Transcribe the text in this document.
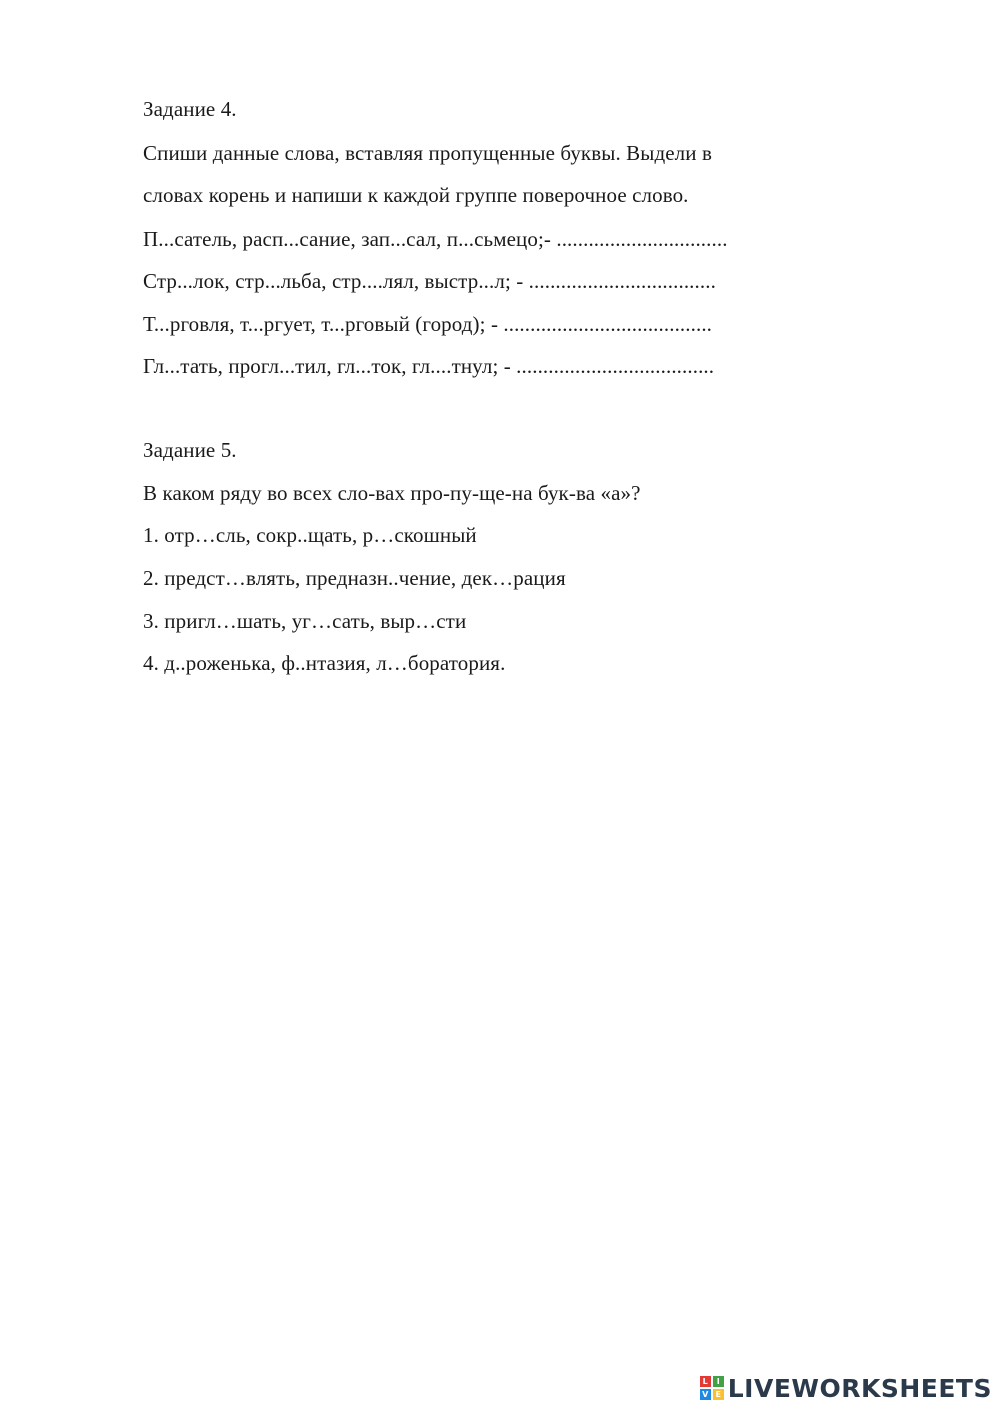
Задание 4.
Спиши данные слова, вставляя пропущенные буквы. Выдели в
словах корень и напиши к каждой группе поверочное слово.
П...сатель, расп...сание, зап...сал, п...сьмецо;- ................................
Стр...лок, стр...льба, стр....лял, выстр...л; - ...................................
Т...рговля, т...ргует, т...рговый (город); - .......................................
Гл...тать, прогл...тил, гл...ток, гл....тнул; - .....................................
Задание 5.
В каком ряду во всех сло-вах про-пу-ще-на бук-ва «а»?
1. отр…сль, сокр..щать, р…скошный
2. предст…влять, предназн..чение, дек…рация
3. пригл…шать, уг…сать, выр…сти
4. д..роженька, ф..нтазия, л…боратория.
L	I
V E LIVEWORKSHEETS
